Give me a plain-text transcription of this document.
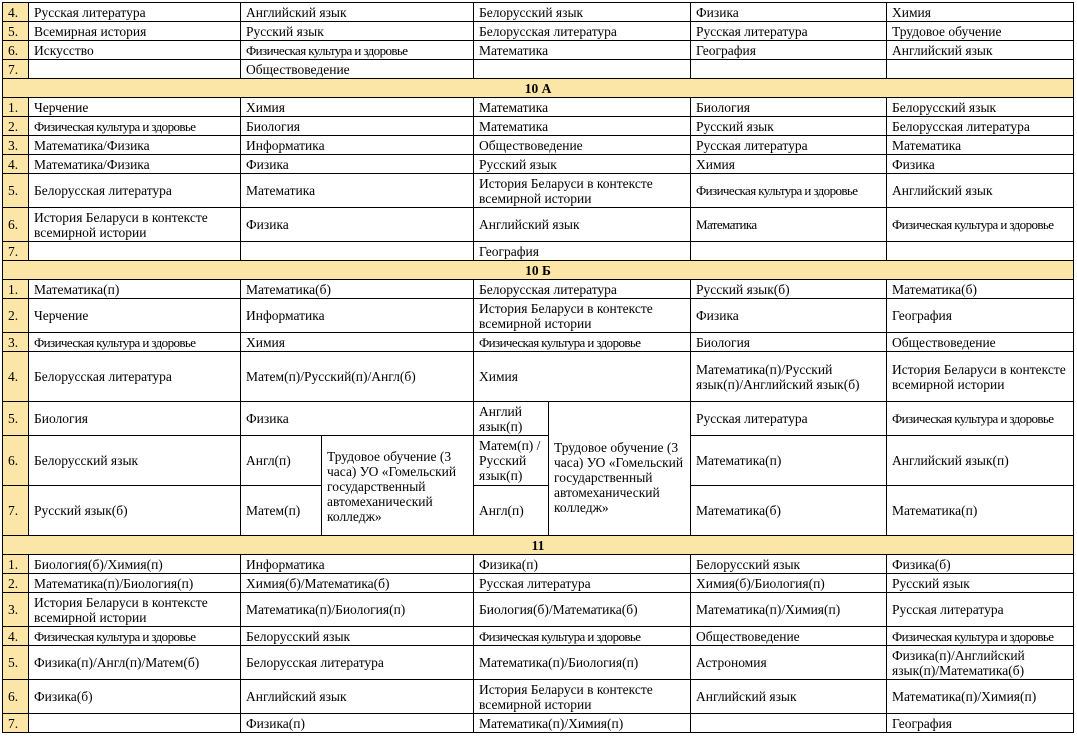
4.	Русская литература	Английский язык		Белорусский язык		Физика	Химия
5.	Всемирная история	Русский язык		Белорусская литература		Русская литература	Трудовое обучение
6.	Искусство	Физическая культура и здоровье		Математика		География	Английский язык
7.		Обществоведение					
10 А							
1.	Черчение	Химия		Математика		Биология	Белорусский язык
2.	Физическая культура и здоровье	Биология		Математика		Русский язык	Белорусская литература
3.	Математика/Физика	Информатика		Обществоведение		Русская литература	Математика
4.	Математика/Физика	Физика		Русский язык		Химия	Физика
5.	Белорусская литература	Математика		История Беларуси в контексте всемирной истории		Физическая культура и здоровье	Английский язык
6.	История Беларуси в контексте всемирной истории	Физика		Английский язык		Математика	Физическая культура и здоровье
7.				География			
10 Б							
1.	Математика(п)	Математика(б)		Белорусская литература		Русский язык(б)	Математика(б)
2.	Черчение	Информатика		История Беларуси в контексте всемирной истории		Физика	География
3.	Физическая культура и здоровье	Химия		Физическая культура и здоровье		Биология	Обществоведение
4.	Белорусская литература	Матем(п)/Русский(п)/Англ(б)		Химия		Математика(п)/Русский язык(п)/Английский язык(б)	История Беларуси в контексте всемирной истории
5.	Биология	Физика		Англий язык(п)	Трудовое обучение (3 часа) УО «Гомельский государственный автомеханический колледж»	Русская литература	Физическая культура и здоровье
6.	Белорусский язык	Англ(п)	Трудовое обучение (3 часа) УО «Гомельский государственный автомеханический колледж»	Матем(п) /Русский язык(п)		Математика(п)	Английский язык(п)
7.	Русский язык(б)	Матем(п)		Англ(п)		Математика(б)	Математика(п)
11							
1.	Биология(б)/Химия(п)	Информатика		Физика(п)		Белорусский язык	Физика(б)
2.	Математика(п)/Биология(п)	Химия(б)/Математика(б)		Русская литература		Химия(б)/Биология(п)	Русский язык
3.	История Беларуси в контексте всемирной истории	Математика(п)/Биология(п)		Биология(б)/Математика(б)		Математика(п)/Химия(п)	Русская литература
4.	Физическая культура и здоровье	Белорусский язык		Физическая культура и здоровье		Обществоведение	Физическая культура и здоровье
5.	Физика(п)/Англ(п)/Матем(б)	Белорусская литература		Математика(п)/Биология(п)		Астрономия	Физика(п)/Английский язык(п)/Математика(б)
6.	Физика(б)	Английский язык		История Беларуси в контексте всемирной истории		Английский язык	Математика(п)/Химия(п)
7.		Физика(п)		Математика(п)/Химия(п)			География
